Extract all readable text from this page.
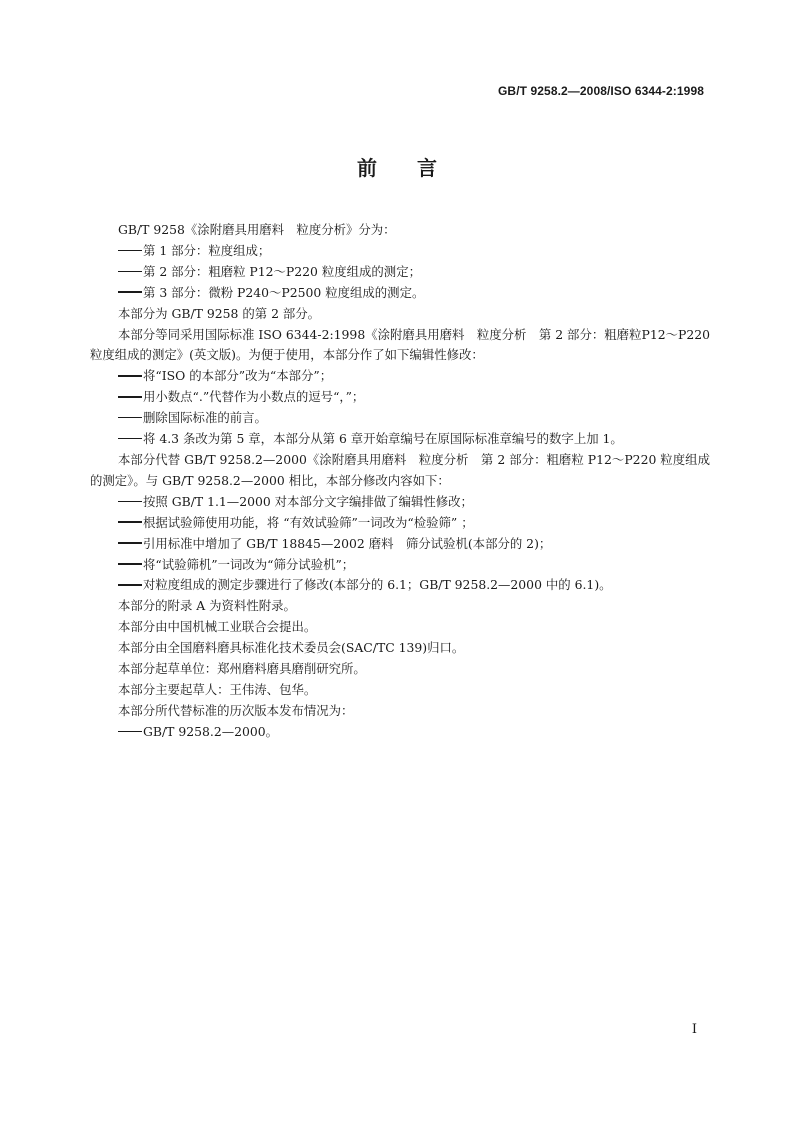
GB/T 9258.2—2008/ISO 6344-2:1998
前　　言

GB/T 9258《涂附磨具用磨料　粒度分析》分为：

第 1 部分：粒度组成；

第 2 部分：粗磨粒 P12～P220 粒度组成的测定；

第 3 部分：微粉 P240～P2500 粒度组成的测定。

本部分为 GB/T 9258 的第 2 部分。

本部分等同采用国际标准 ISO 6344-2:1998《涂附磨具用磨料　粒度分析　第 2 部分：粗磨粒P12～P220粒度组成的测定》(英文版)。为便于使用，本部分作了如下编辑性修改：

将“ISO 的本部分”改为“本部分”；

用小数点“.”代替作为小数点的逗号“，”；

删除国际标准的前言。

将 4.3 条改为第 5 章，本部分从第 6 章开始章编号在原国际标准章编号的数字上加 1。

本部分代替 GB/T 9258.2—2000《涂附磨具用磨料　粒度分析　第 2 部分：粗磨粒 P12～P220 粒度组成的测定》。与 GB/T 9258.2—2000 相比，本部分修改内容如下：

按照 GB/T 1.1—2000 对本部分文字编排做了编辑性修改；

根据试验筛使用功能，将 “有效试验筛”一词改为“检验筛” ；

引用标准中增加了 GB/T 18845—2002 磨料　筛分试验机(本部分的 2)；

将“试验筛机”一词改为“筛分试验机”；

对粒度组成的测定步骤进行了修改(本部分的 6.1；GB/T 9258.2—2000 中的 6.1)。

本部分的附录 A 为资料性附录。

本部分由中国机械工业联合会提出。

本部分由全国磨料磨具标准化技术委员会(SAC/TC 139)归口。

本部分起草单位：郑州磨料磨具磨削研究所。

本部分主要起草人：王伟涛、包华。

本部分所代替标准的历次版本发布情况为：

GB/T 9258.2—2000。

I
